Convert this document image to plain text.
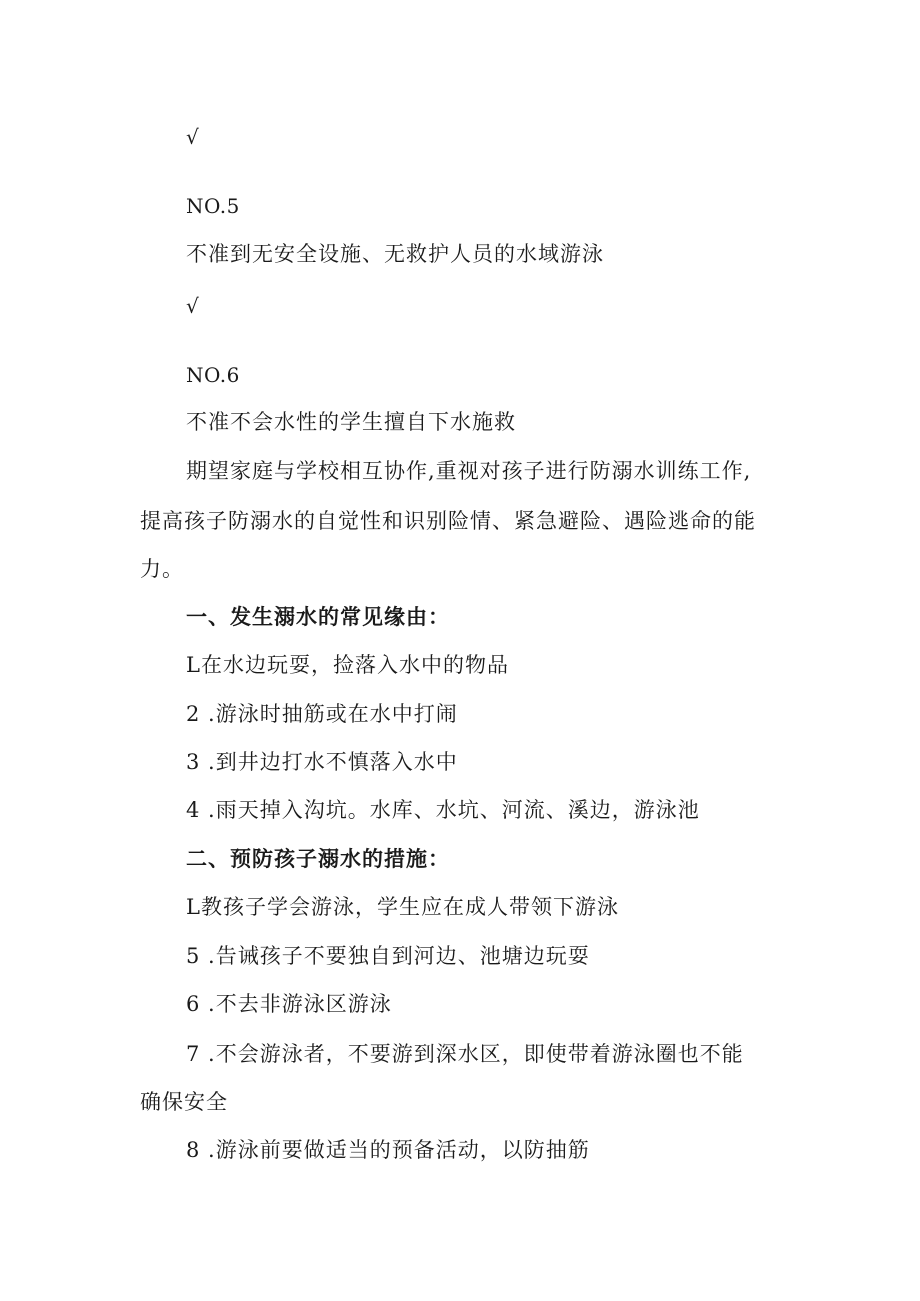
√
NO.5
不准到无安全设施、无救护人员的水域游泳
√
NO.6
不准不会水性的学生擅自下水施救
期望家庭与学校相互协作,重视对孩子进行防溺水训练工作,
提高孩子防溺水的自觉性和识别险情、紧急避险、遇险逃命的能
力。
一、发生溺水的常见缘由：
L在水边玩耍，捡落入水中的物品
2 .游泳时抽筋或在水中打闹
3 .到井边打水不慎落入水中
4 .雨天掉入沟坑。水库、水坑、河流、溪边，游泳池
二、预防孩子溺水的措施：
L教孩子学会游泳，学生应在成人带领下游泳
5 .告诫孩子不要独自到河边、池塘边玩耍
6 .不去非游泳区游泳
7 .不会游泳者，不要游到深水区，即使带着游泳圈也不能
确保安全
8 .游泳前要做适当的预备活动，以防抽筋
